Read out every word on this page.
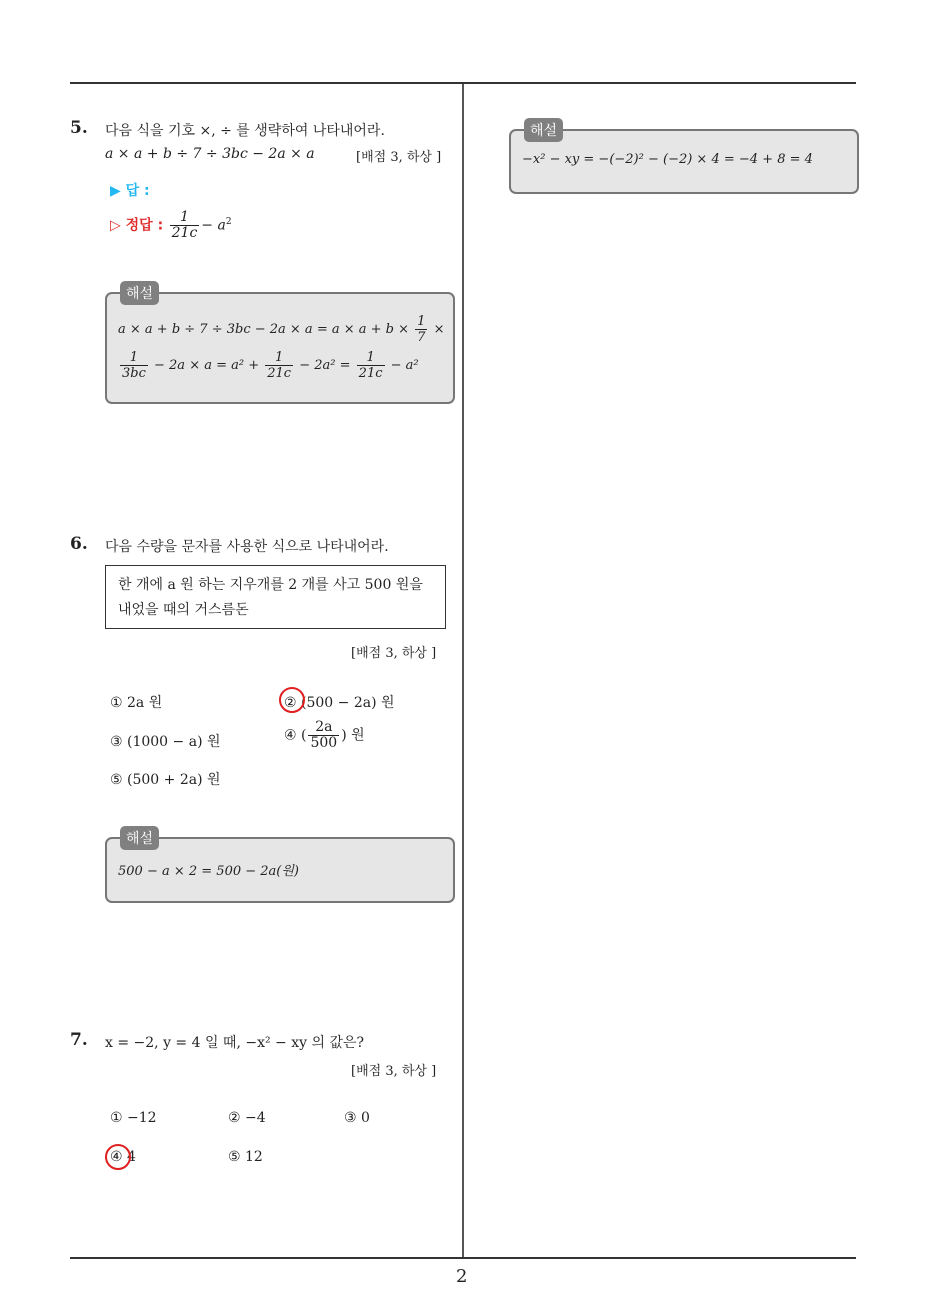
2
5. 다음 식을 기호 ×, ÷ 를 생략하여 나타내어라.
a × a + b ÷ 7 ÷ 3bc − 2a × a	[배점 3, 하상 ]
▶ 답 :
▷ 정답 : $\frac{1}{21c} - a^2$
해설
$a \times a + b \div 7 \div 3bc - 2a \times a = a \times a + b \times \frac{1}{7}$ ×
$\frac{1}{3bc} - 2a \times a = a^2 + \frac{1}{21c} - 2a^2 = \frac{1}{21c} - a^2$
6. 다음 수량을 문자를 사용한 식으로 나타내어라.
한 개에 a 원 하는 지우개를 2 개를 사고 500 원을
내었을 때의 거스름돈
[배점 3, 하상 ]
① 2a 원	② (500 − 2a) 원
③ (1000 − a) 원	④ ( $\frac{2a}{500}$ ) 원
⑤ (500 + 2a) 원
해설
500 − a × 2 = 500 − 2a(원)
7. x = −2, y = 4 일 때, −x² − xy 의 값은?
[배점 3, 하상 ]
① −12	② −4	③ 0
④ 4	⑤ 12
해설
−x² − xy = −(−2)² − (−2) × 4 = −4 + 8 = 4
